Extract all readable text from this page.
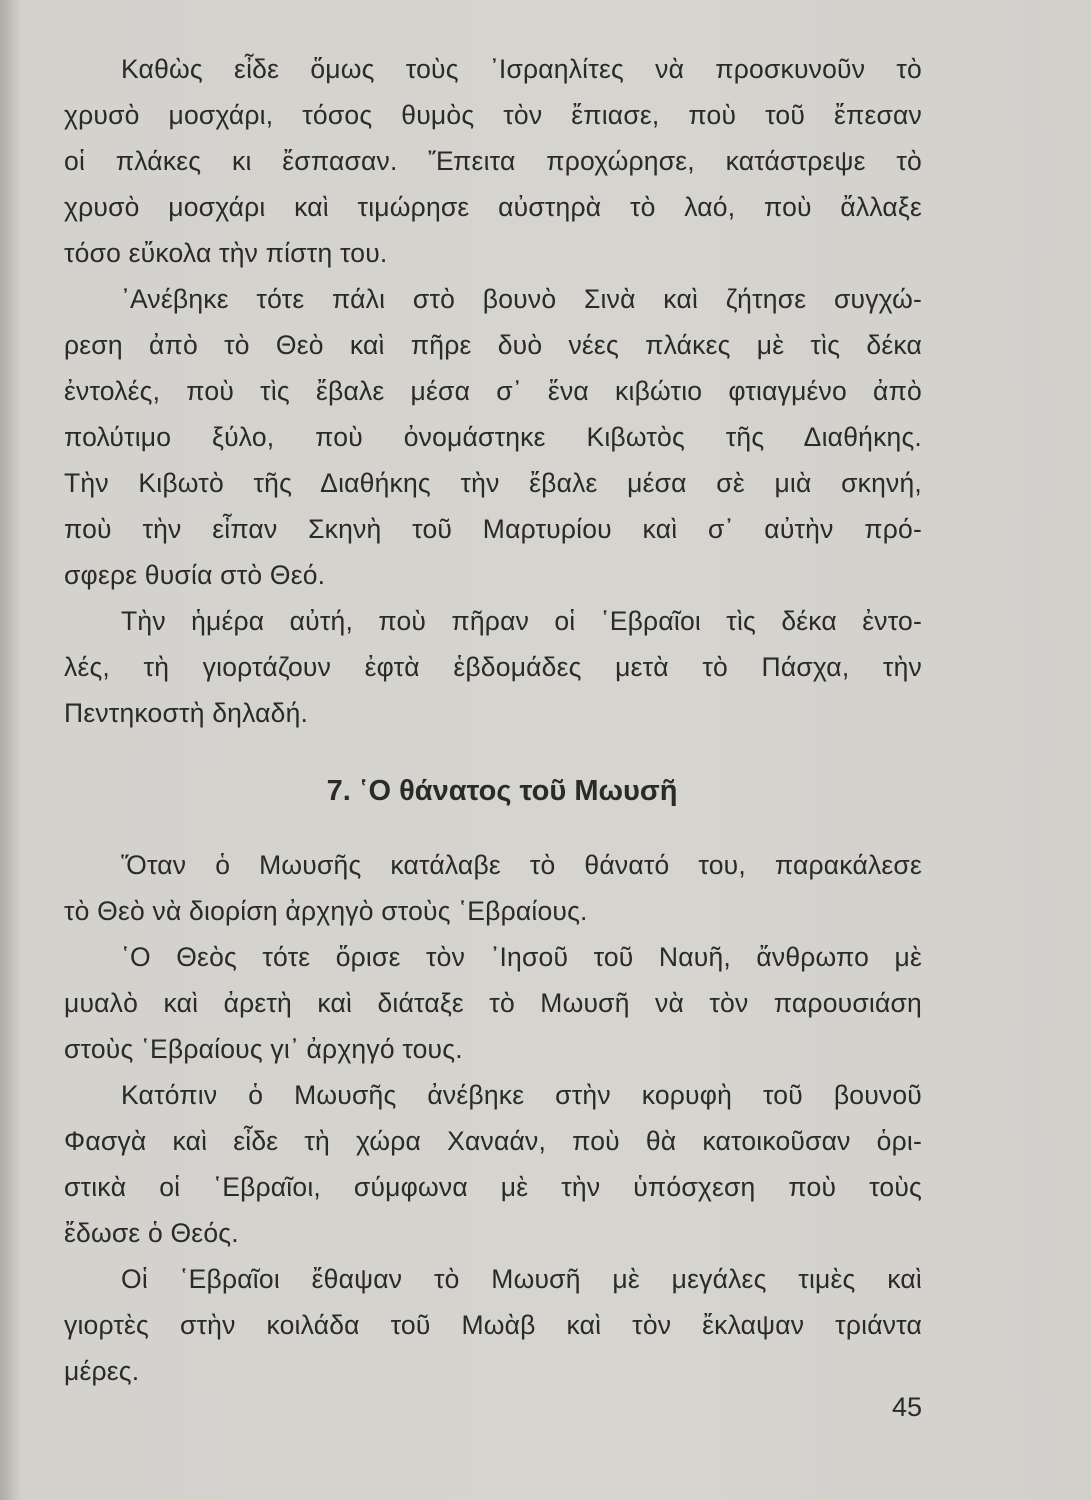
Καθὼς εἶδε ὅμως τοὺς ᾿Ισραηλίτες νὰ προσκυνοῦν τὸ
χρυσὸ μοσχάρι, τόσος θυμὸς τὸν ἔπιασε, ποὺ τοῦ ἔπεσαν
οἱ πλάκες κι ἔσπασαν. Ἔπειτα προχώρησε, κατάστρεψε τὸ
χρυσὸ μοσχάρι καὶ τιμώρησε αὐστηρὰ τὸ λαό, ποὺ ἄλλαξε
τόσο εὔκολα τὴν πίστη του.
᾿Ανέβηκε τότε πάλι στὸ βουνὸ Σινὰ καὶ ζήτησε συγχώ-
ρεση ἀπὸ τὸ Θεὸ καὶ πῆρε δυὸ νέες πλάκες μὲ τὶς δέκα
ἐντολές, ποὺ τὶς ἔβαλε μέσα σ᾿ ἕνα κιβώτιο φτιαγμένο ἀπὸ
πολύτιμο ξύλο, ποὺ ὀνομάστηκε Κιβωτὸς τῆς Διαθήκης.
Τὴν Κιβωτὸ τῆς Διαθήκης τὴν ἔβαλε μέσα σὲ μιὰ σκηνή,
ποὺ τὴν εἶπαν Σκηνὴ τοῦ Μαρτυρίου καὶ σ᾿ αὐτὴν πρό-
σφερε θυσία στὸ Θεό.
Τὴν ἡμέρα αὐτή, ποὺ πῆραν οἱ ῾Εβραῖοι τὶς δέκα ἐντο-
λές, τὴ γιορτάζουν ἐφτὰ ἑβδομάδες μετὰ τὸ Πάσχα, τὴν
Πεντηκοστὴ δηλαδή.
7. ῾Ο θάνατος τοῦ Μωυσῆ
Ὅταν ὁ Μωυσῆς κατάλαβε τὸ θάνατό του, παρακάλεσε
τὸ Θεὸ νὰ διορίση ἀρχηγὸ στοὺς ῾Εβραίους.
῾Ο Θεὸς τότε ὅρισε τὸν ᾿Ιησοῦ τοῦ Ναυῆ, ἄνθρωπο μὲ
μυαλὸ καὶ ἀρετὴ καὶ διάταξε τὸ Μωυσῆ νὰ τὸν παρουσιάση
στοὺς ῾Εβραίους γι᾿ ἀρχηγό τους.
Κατόπιν ὁ Μωυσῆς ἀνέβηκε στὴν κορυφὴ τοῦ βουνοῦ
Φασγὰ καὶ εἶδε τὴ χώρα Χαναάν, ποὺ θὰ κατοικοῦσαν ὁρι-
στικὰ οἱ ῾Εβραῖοι, σύμφωνα μὲ τὴν ὑπόσχεση ποὺ τοὺς
ἔδωσε ὁ Θεός.
Οἱ ῾Εβραῖοι ἔθαψαν τὸ Μωυσῆ μὲ μεγάλες τιμὲς καὶ
γιορτὲς στὴν κοιλάδα τοῦ Μωὰβ καὶ τὸν ἔκλαψαν τριάντα
μέρες.
45
